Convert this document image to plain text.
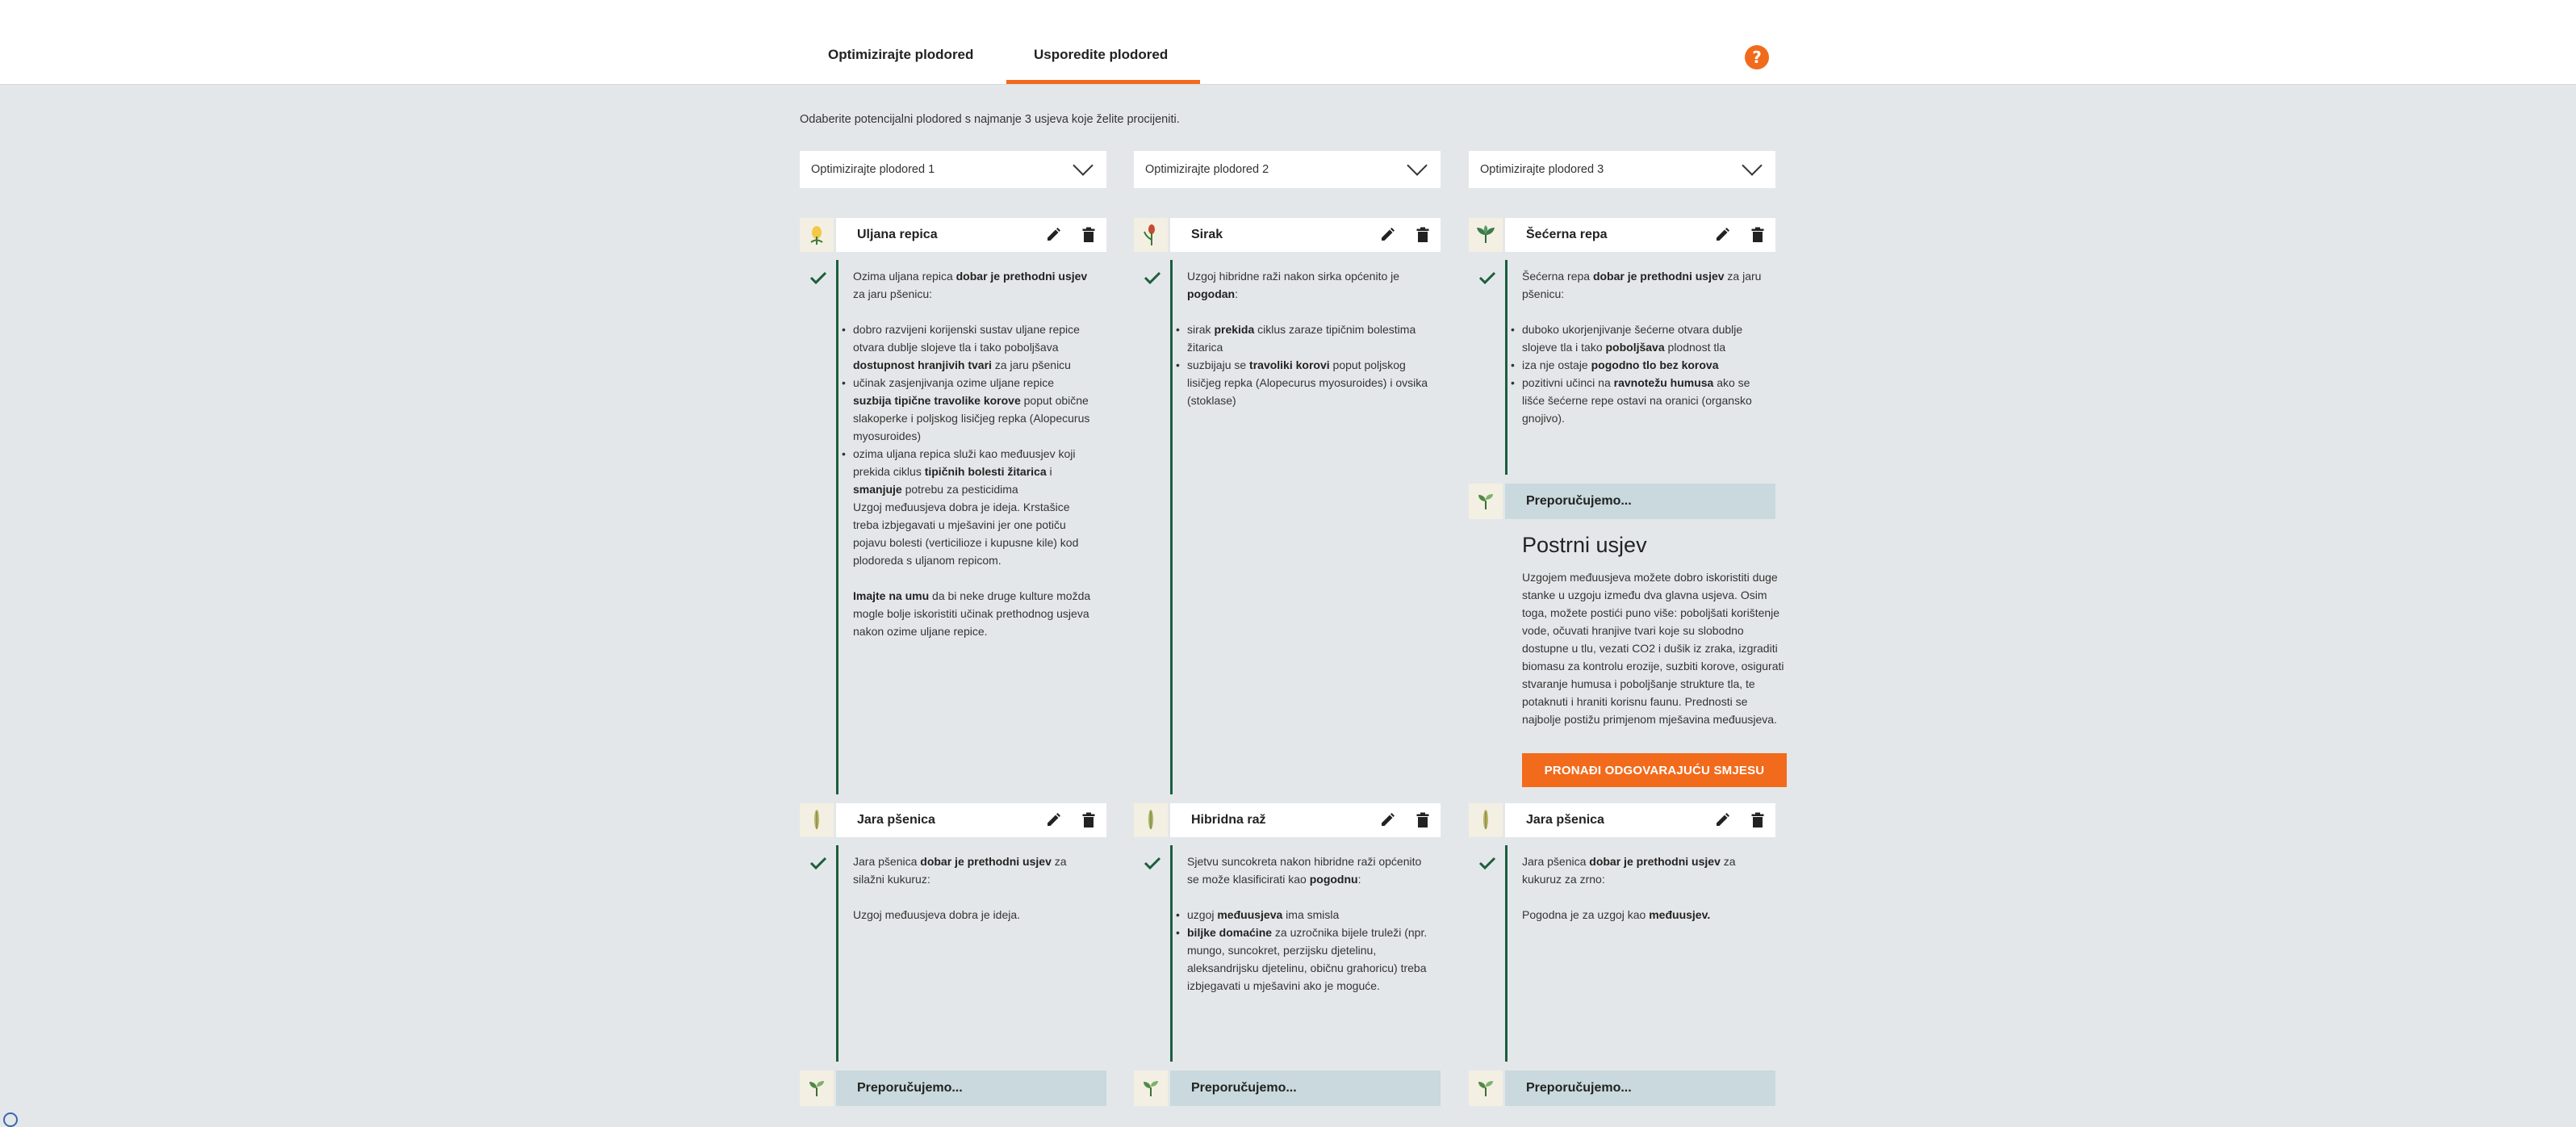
Optimizirajte plodored	Usporedite plodored	?
Odaberite potencijalni plodored s najmanje 3 usjeva koje želite procijeniti.
Optimizirajte plodored 1	Optimizirajte plodored 2	Optimizirajte plodored 3
Uljana repica

Ozima uljana repica dobar je prethodni usjev za jaru pšenicu:

• dobro razvijeni korijenski sustav uljane repice otvara dublje slojeve tla i tako poboljšava dostupnost hranjivih tvari za jaru pšenicu
• učinak zasjenjivanja ozime uljane repice suzbija tipične travolike korove poput obične slakoperke i poljskog lisičjeg repka (Alopecurus myosuroides)
• ozima uljana repica služi kao međuusjev koji prekida ciklus tipičnih bolesti žitarica i smanjuje potrebu za pesticidima

Uzgoj međuusjeva dobra je ideja. Krstašice treba izbjegavati u mješavini jer one potiču pojavu bolesti (verticilioze i kupusne kile) kod plodoreda s uljanom repicom.

Imajte na umu da bi neke druge kulture možda mogle bolje iskoristiti učinak prethodnog usjeva nakon ozime uljane repice.

Jara pšenica

Jara pšenica dobar je prethodni usjev za silažni kukuruz:

Uzgoj međuusjeva dobra je ideja.

Preporučujemo...
Sirak

Uzgoj hibridne raži nakon sirka općenito je pogodan:

• sirak prekida ciklus zaraze tipičnim bolestima žitarica
• suzbijaju se travoliki korovi poput poljskog lisičjeg repka (Alopecurus myosuroides) i ovsika (stoklase)
Hibridna raž

Sjetvu suncokreta nakon hibridne raži općenito se može klasificirati kao pogodnu:

• uzgoj međuusjeva ima smisla
• biljke domaćine za uzročnika bijele truleži (npr. mungo, suncokret, perzijsku djetelinu, aleksandrijsku djetelinu, običnu grahoricu) treba izbjegavati u mješavini ako je moguće.
Preporučujemo...
Šećerna repa

Šećerna repa dobar je prethodni usjev za jaru pšenicu:

• duboko ukorjenjivanje šećerne otvara dublje slojeve tla i tako poboljšava plodnost tla
• iza nje ostaje pogodno tlo bez korova
• pozitivni učinci na ravnotežu humusa ako se lišće šećerne repe ostavi na oranici (organsko gnojivo).
Preporučujemo...
Postrni usjev
Uzgojem međuusjeva možete dobro iskoristiti duge stanke u uzgoju između dva glavna usjeva. Osim toga, možete postići puno više: poboljšati korištenje vode, očuvati hranjive tvari koje su slobodno dostupne u tlu, vezati CO2 i dušik iz zraka, izgraditi biomasu za kontrolu erozije, suzbiti korove, osigurati stvaranje humusa i poboljšanje strukture tla, te potaknuti i hraniti korisnu faunu. Prednosti se najbolje postižu primjenom mješavina međuusjeva.
PRONAĐI ODGOVARAJUĆU SMJESU
Jara pšenica

Jara pšenica dobar je prethodni usjev za kukuruz za zrno:

Pogodna je za uzgoj kao međuusjev.

Preporučujemo...
